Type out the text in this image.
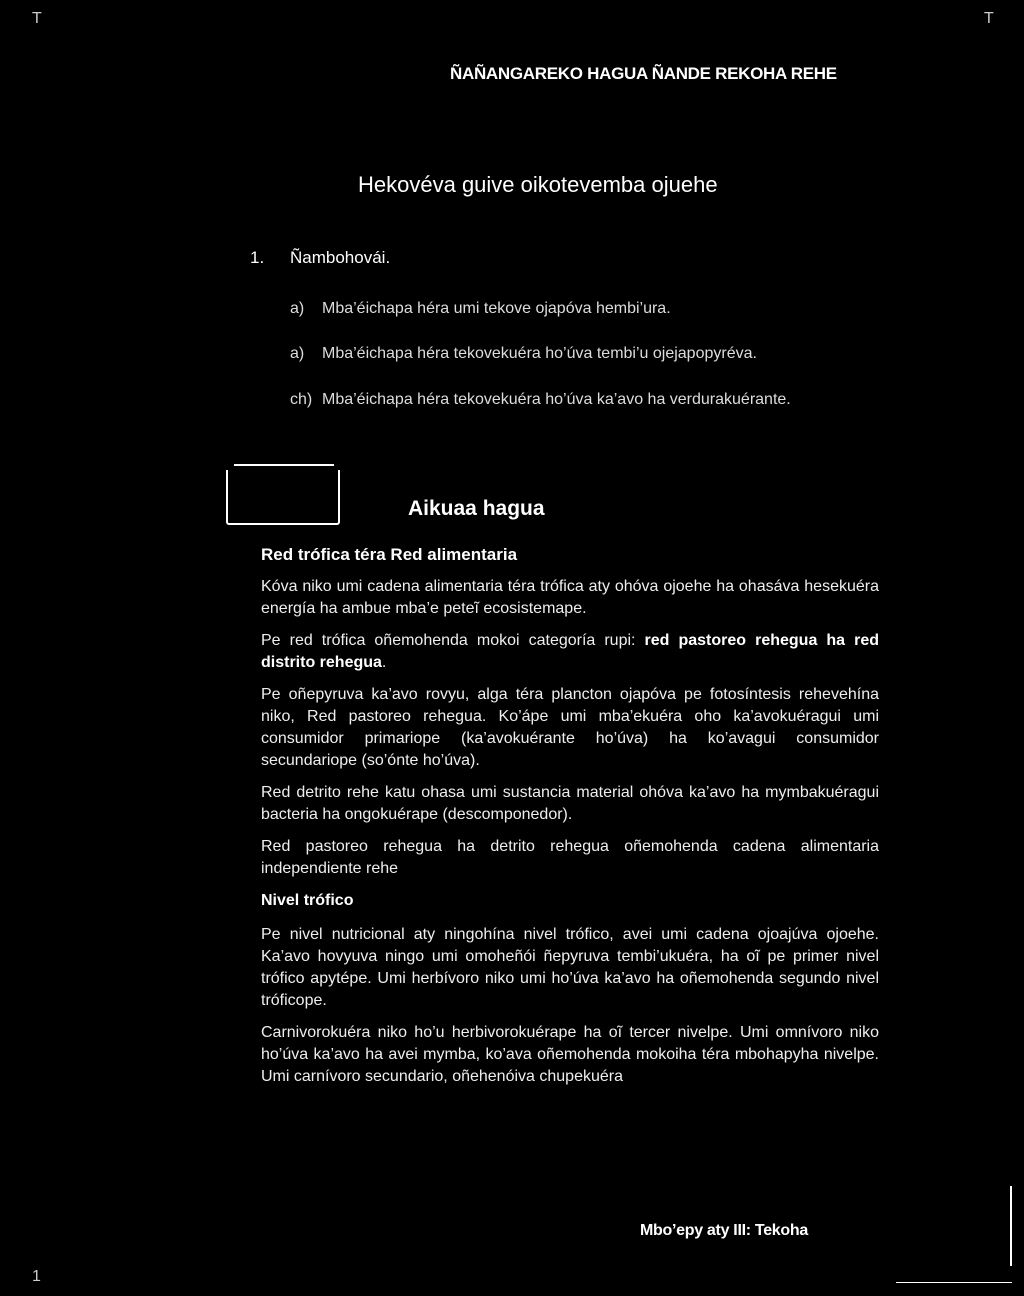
T	T
1
ÑAÑANGAREKO HAGUA ÑANDE REKOHA REHE
Hekovéva guive oikotevemba ojuehe
1. Ñambohovái.
a) Mba’éichapa héra umi tekove ojapóva hembi’ura.
a) Mba’éichapa héra tekovekuéra ho’úva tembi’u ojejapopyréva.
ch) Mba’éichapa héra tekovekuéra ho’úva ka’avo ha verdurakuérante.
Aikuaa hagua
Red trófica téra Red alimentaria

Kóva niko umi cadena alimentaria téra trófica aty ohóva ojoehe ha ohasáva hesekuéra energía ha ambue mba’e peteĩ ecosistemape.

Pe red trófica oñemohenda mokoi categoría rupi: red pastoreo rehegua ha red distrito rehegua.

Pe oñepyruva ka’avo rovyu, alga téra plancton ojapóva pe fotosíntesis rehevehína niko, Red pastoreo rehegua. Ko’ápe umi mba’ekuéra oho ka’avokuéragui umi consumidor primariope (ka’avokuérante ho’úva) ha ko’avagui consumidor secundariope (so’ónte ho’úva).

Red detrito rehe katu ohasa umi sustancia material ohóva ka’avo ha mymbakuéragui bacteria ha ongokuérape (descomponedor).

Red pastoreo rehegua ha detrito rehegua oñemohenda cadena alimentaria independiente rehe

Nivel trófico

Pe nivel nutricional aty ningohína nivel trófico, avei umi cadena ojoajúva ojoehe. Ka’avo hovyuva ningo umi omoheñói ñepyruva tembi’ukuéra, ha oĩ pe primer nivel trófico apytépe. Umi herbívoro niko umi ho’úva ka’avo ha oñemohenda segundo nivel tróficope.

Carnivorokuéra niko ho’u herbivorokuérape ha oĩ tercer nivelpe. Umi omnívoro niko ho’úva ka’avo ha avei mymba, ko’ava oñemohenda mokoiha téra mbohapyha nivelpe. Umi carnívoro secundario, oñehenóiva chupekuéra

Mbo’epy aty III: Tekoha
